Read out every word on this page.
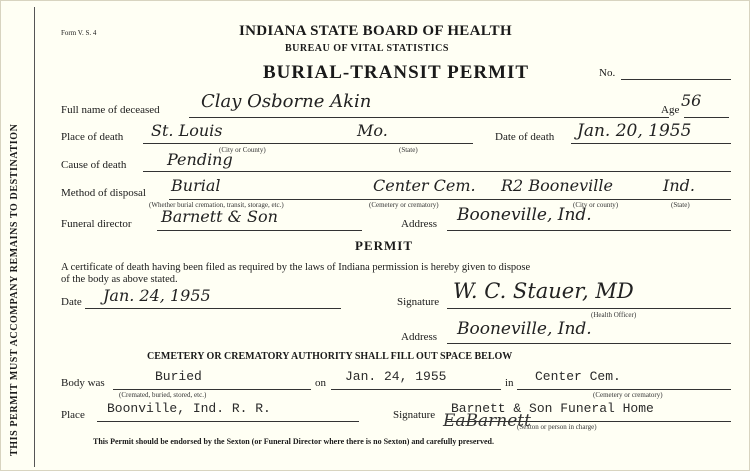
THIS PERMIT MUST ACCOMPANY REMAINS TO DESTINATION
Form V. S. 4	INDIANA STATE BOARD OF HEALTH
BUREAU OF VITAL STATISTICS
BURIAL-TRANSIT PERMIT	No.
Full name of deceased Clay Osborne Akin	Age 56
Place of death St. Louis
(City or County)
Mo.
(State)
Date of death Jan. 20, 1955
Cause of death	Pending
Method of disposal Burial
(Whether burial cremation, transit, storage, etc.)
Center Cem.
(Cemetery or crematory)
R2 Booneville
(City or county)
Ind.
(State)
Funeral director Barnett & Son	Address Booneville, Ind.
PERMIT
A certificate of death having been filed as required by the laws of Indiana permission is hereby given to dispose
of the body as above stated.
Date Jan. 24, 1955	Signature W. C. Stauer, MD
(Health Officer)
Address Booneville, Ind.
CEMETERY OR CREMATORY AUTHORITY SHALL FILL OUT SPACE BELOW
Body was	Buried
(Cremated, buried, stored, etc.)
on Jan. 24, 1955	in Center Cem.
(Cemetery or crematory)
Place Boonville, Ind. R. R.	Signature Barnett & Son Funeral Home
EaBarnett
(Sexton or person in charge)
This Permit should be endorsed by the Sexton (or Funeral Director where there is no Sexton) and carefully preserved.
